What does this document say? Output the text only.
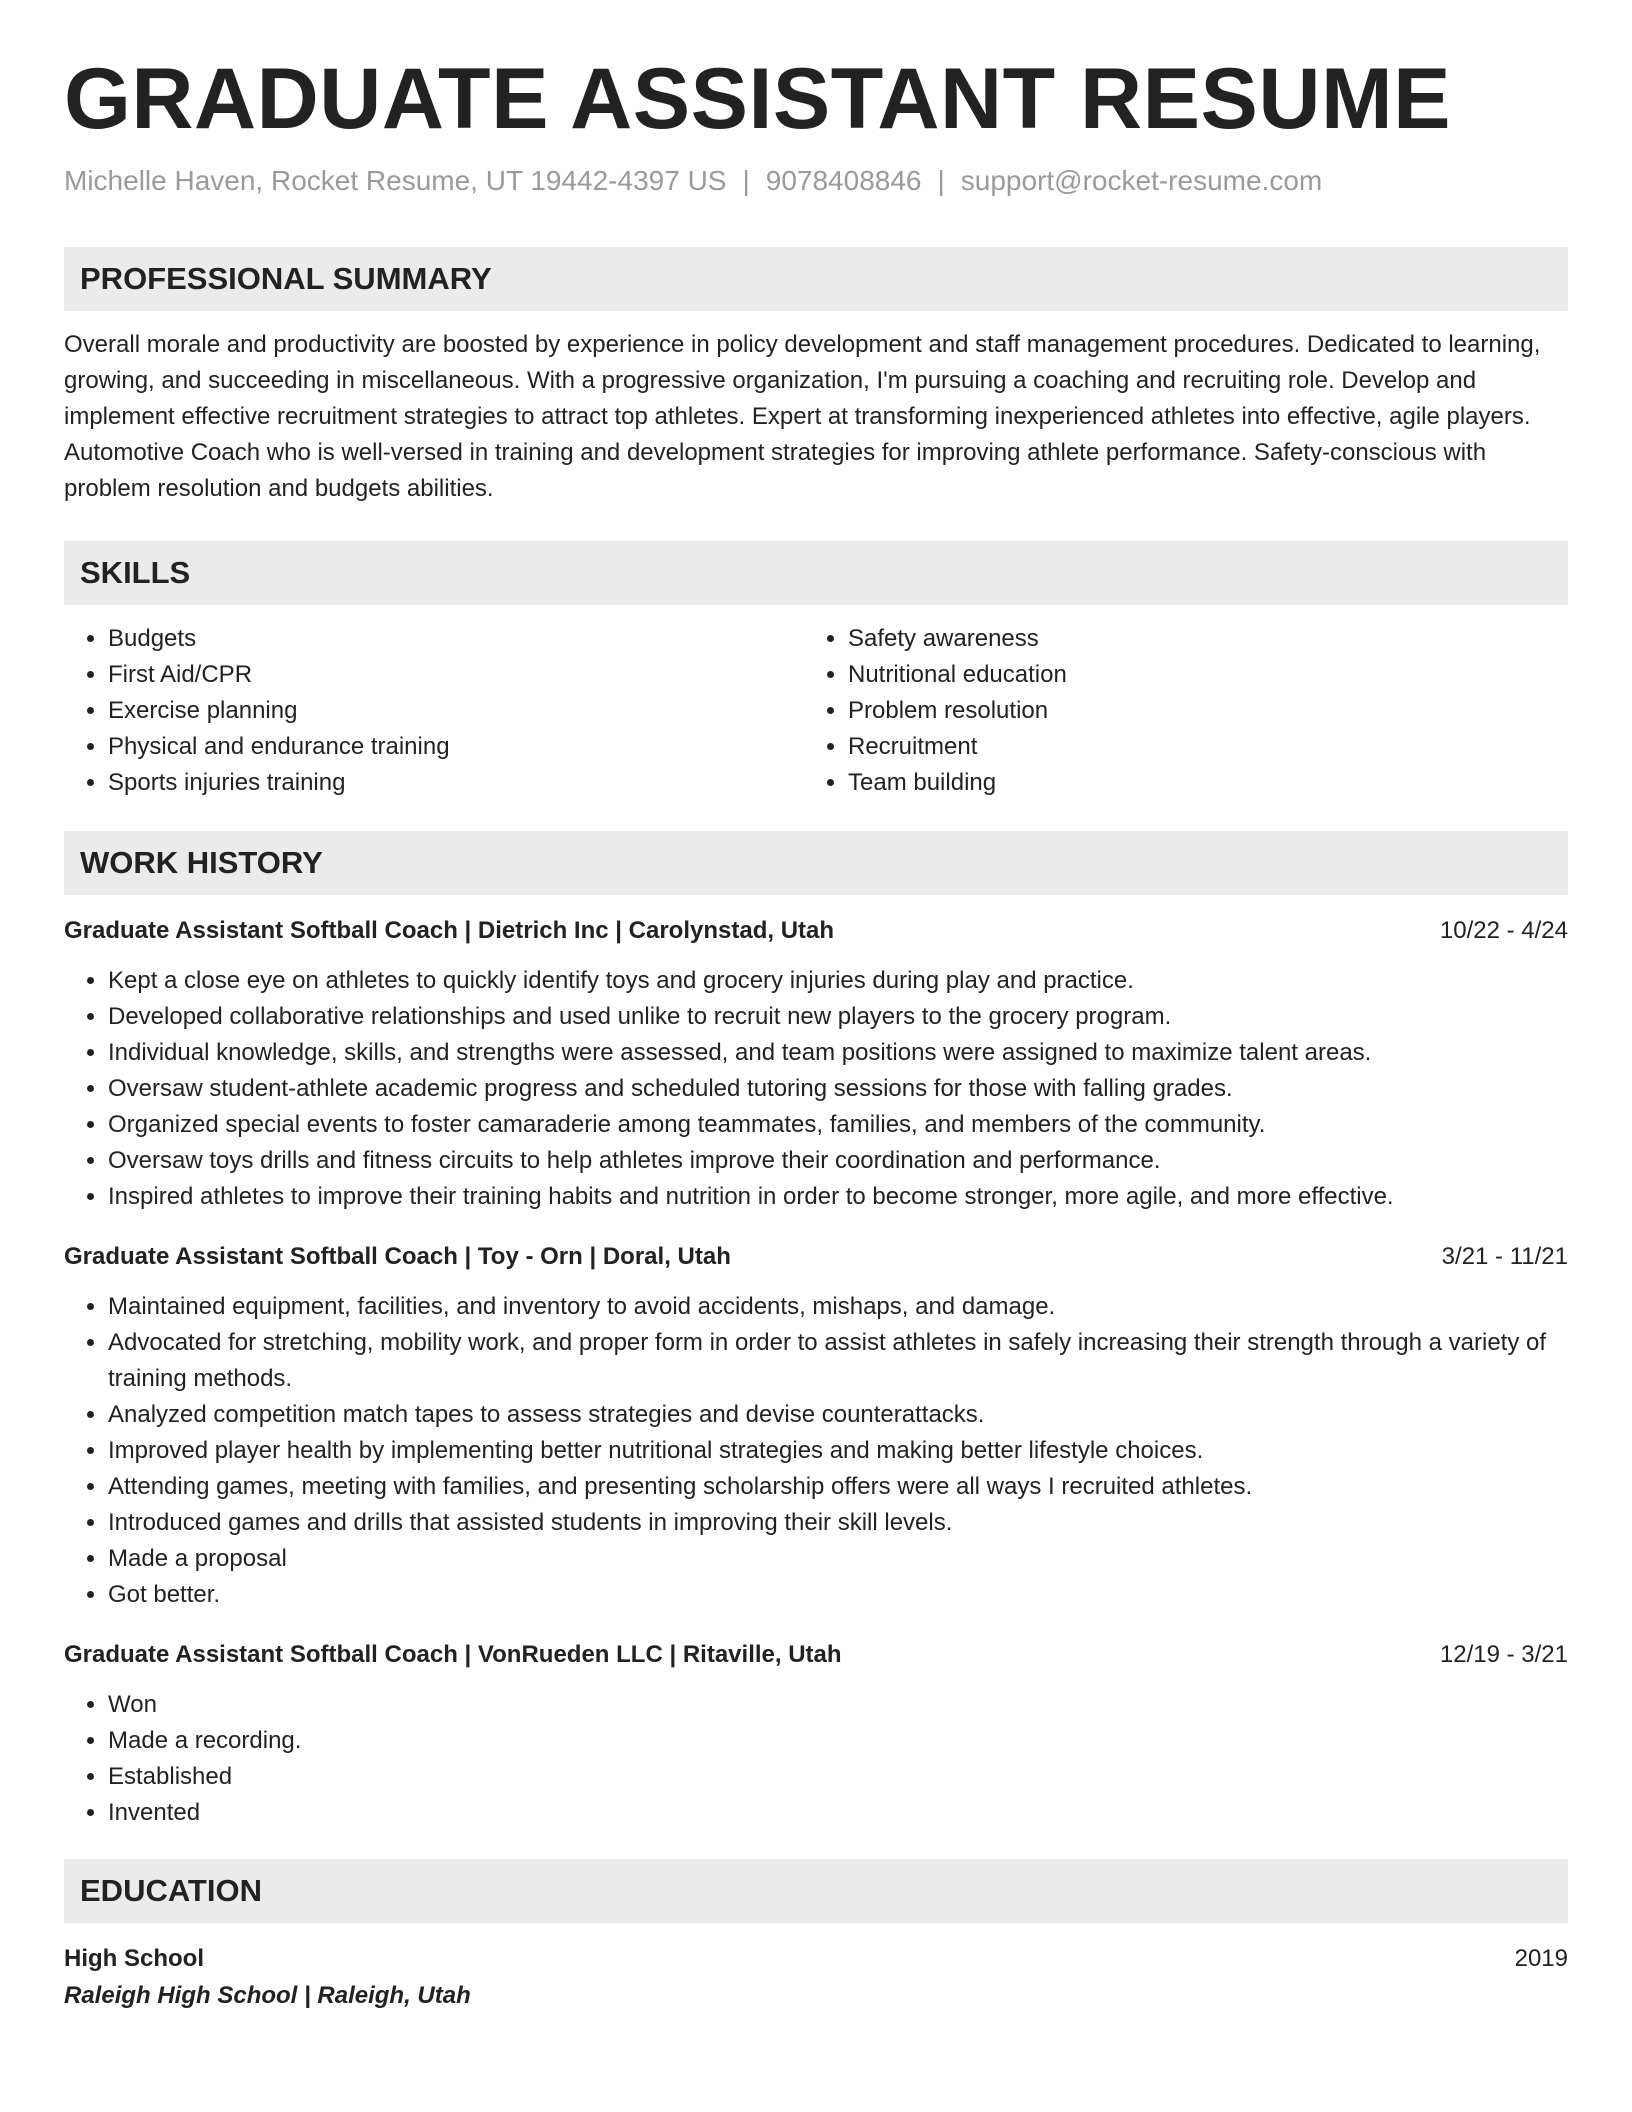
GRADUATE ASSISTANT RESUME
Michelle Haven, Rocket Resume, UT 19442-4397 US | 9078408846 | support@rocket-resume.com
PROFESSIONAL SUMMARY
Overall morale and productivity are boosted by experience in policy development and staff management procedures. Dedicated to learning, growing, and succeeding in miscellaneous. With a progressive organization, I'm pursuing a coaching and recruiting role. Develop and implement effective recruitment strategies to attract top athletes. Expert at transforming inexperienced athletes into effective, agile players. Automotive Coach who is well-versed in training and development strategies for improving athlete performance. Safety-conscious with problem resolution and budgets abilities.
SKILLS
• Budgets
• First Aid/CPR
• Exercise planning
• Physical and endurance training
• Sports injuries training
• Safety awareness
• Nutritional education
• Problem resolution
• Recruitment
• Team building
WORK HISTORY
Graduate Assistant Softball Coach | Dietrich Inc | Carolynstad, Utah	10/22 - 4/24
• Kept a close eye on athletes to quickly identify toys and grocery injuries during play and practice.
• Developed collaborative relationships and used unlike to recruit new players to the grocery program.
• Individual knowledge, skills, and strengths were assessed, and team positions were assigned to maximize talent areas.
• Oversaw student-athlete academic progress and scheduled tutoring sessions for those with falling grades.
• Organized special events to foster camaraderie among teammates, families, and members of the community.
• Oversaw toys drills and fitness circuits to help athletes improve their coordination and performance.
• Inspired athletes to improve their training habits and nutrition in order to become stronger, more agile, and more effective.
Graduate Assistant Softball Coach | Toy - Orn | Doral, Utah	3/21 - 11/21
• Maintained equipment, facilities, and inventory to avoid accidents, mishaps, and damage.
• Advocated for stretching, mobility work, and proper form in order to assist athletes in safely increasing their strength through a variety of training methods.
• Analyzed competition match tapes to assess strategies and devise counterattacks.
• Improved player health by implementing better nutritional strategies and making better lifestyle choices.
• Attending games, meeting with families, and presenting scholarship offers were all ways I recruited athletes.
• Introduced games and drills that assisted students in improving their skill levels.
• Made a proposal
• Got better.
Graduate Assistant Softball Coach | VonRueden LLC | Ritaville, Utah	12/19 - 3/21
• Won
• Made a recording.
• Established
• Invented
EDUCATION
High School	2019
Raleigh High School | Raleigh, Utah
